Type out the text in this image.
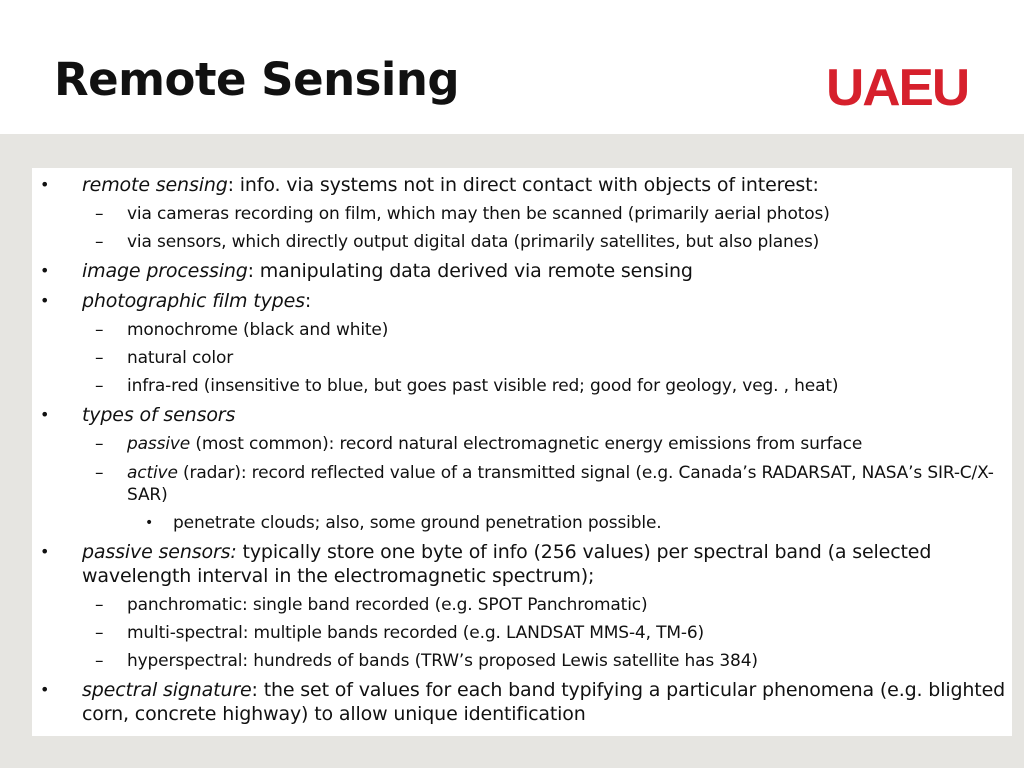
Remote Sensing	UAEU
• remote sensing: info. via systems not in direct contact with objects of interest:
– via cameras recording on film, which may then be scanned (primarily aerial photos)
– via sensors, which directly output digital data (primarily satellites, but also planes)
• image processing: manipulating data derived via remote sensing
• photographic film types:
– monochrome (black and white)
– natural color
– infra-red (insensitive to blue, but goes past visible red; good for geology, veg. , heat)
• types of sensors
– passive (most common): record natural electromagnetic energy emissions from surface
– active (radar): record reflected value of a transmitted signal (e.g. Canada’s RADARSAT, NASA’s SIR-C/X-SAR)
• penetrate clouds; also, some ground penetration possible.
• passive sensors: typically store one byte of info (256 values) per spectral band (a selected wavelength interval in the electromagnetic spectrum);
– panchromatic: single band recorded (e.g. SPOT Panchromatic)
– multi-spectral: multiple bands recorded (e.g. LANDSAT MMS-4, TM-6)
– hyperspectral: hundreds of bands (TRW’s proposed Lewis satellite has 384)
• spectral signature: the set of values for each band typifying a particular phenomena (e.g. blighted corn, concrete highway) to allow unique identification
